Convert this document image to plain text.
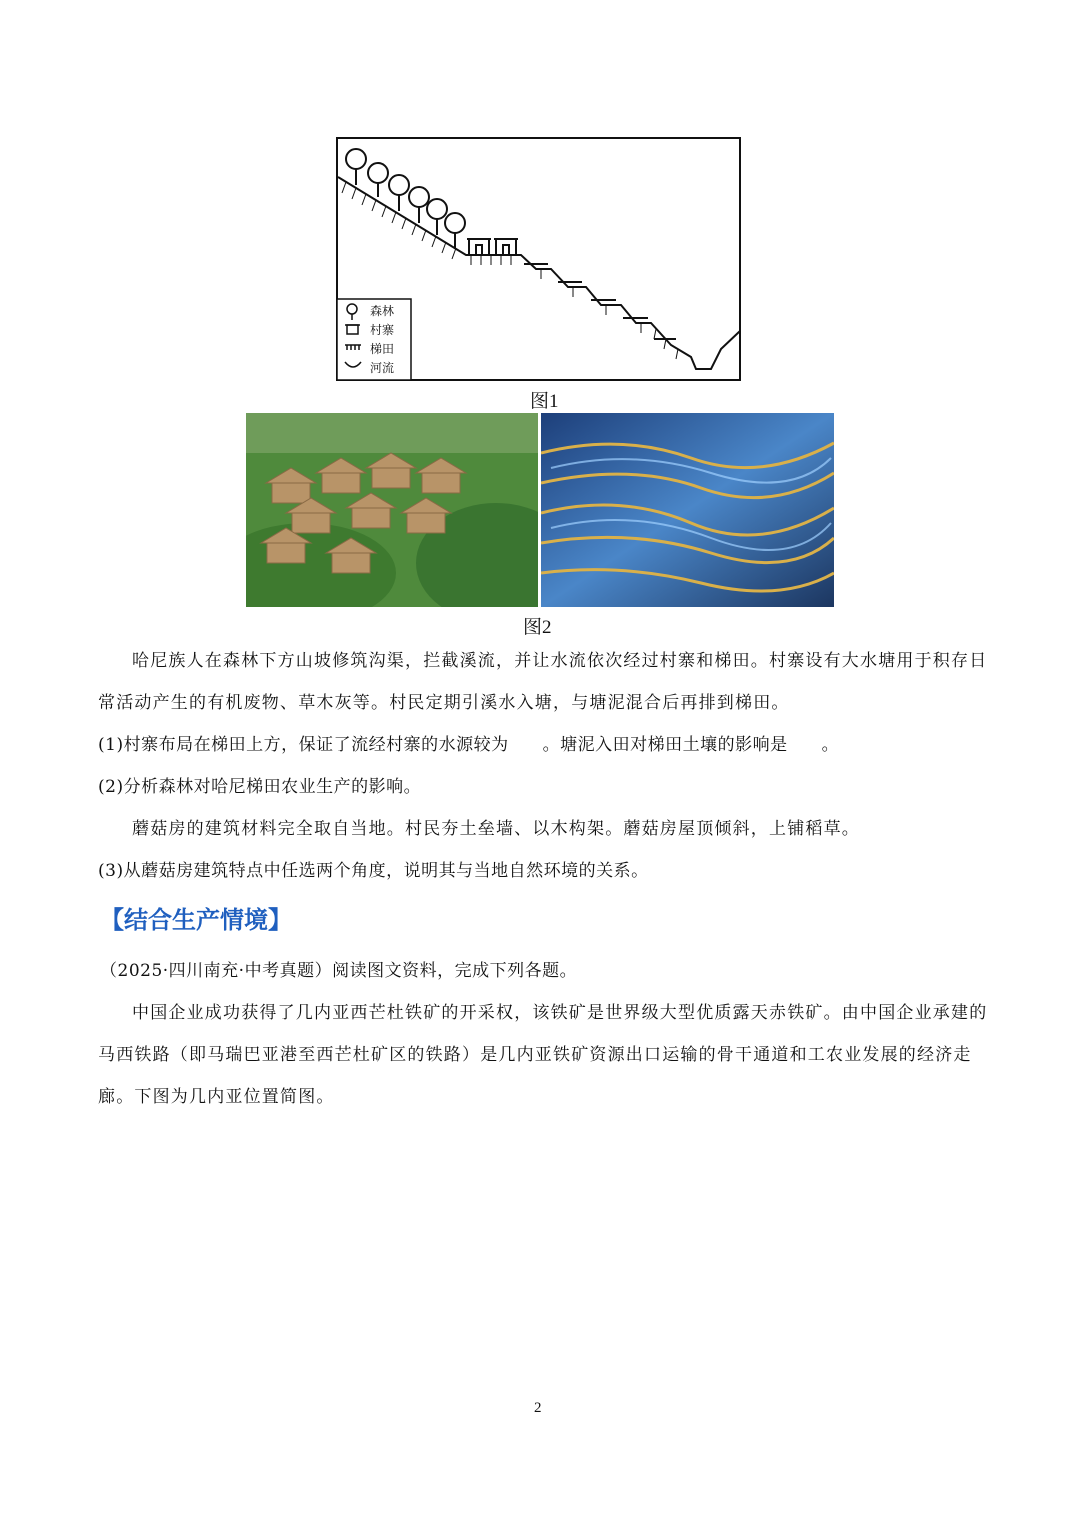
森林
村寨
梯田
河流
图1
图2
哈尼族人在森林下方山坡修筑沟渠，拦截溪流，并让水流依次经过村寨和梯田。村寨设有大水塘用于积存日常活动产生的有机废物、草木灰等。村民定期引溪水入塘，与塘泥混合后再排到梯田。
(1)村寨布局在梯田上方，保证了流经村寨的水源较为 。塘泥入田对梯田土壤的影响是 。
(2)分析森林对哈尼梯田农业生产的影响。
蘑菇房的建筑材料完全取自当地。村民夯土垒墙、以木构架。蘑菇房屋顶倾斜，上铺稻草。
(3)从蘑菇房建筑特点中任选两个角度，说明其与当地自然环境的关系。
【结合生产情境】
（2025·四川南充·中考真题）阅读图文资料，完成下列各题。
中国企业成功获得了几内亚西芒杜铁矿的开采权，该铁矿是世界级大型优质露天赤铁矿。由中国企业承建的马西铁路（即马瑞巴亚港至西芒杜矿区的铁路）是几内亚铁矿资源出口运输的骨干通道和工农业发展的经济走廊。下图为几内亚位置简图。
2
